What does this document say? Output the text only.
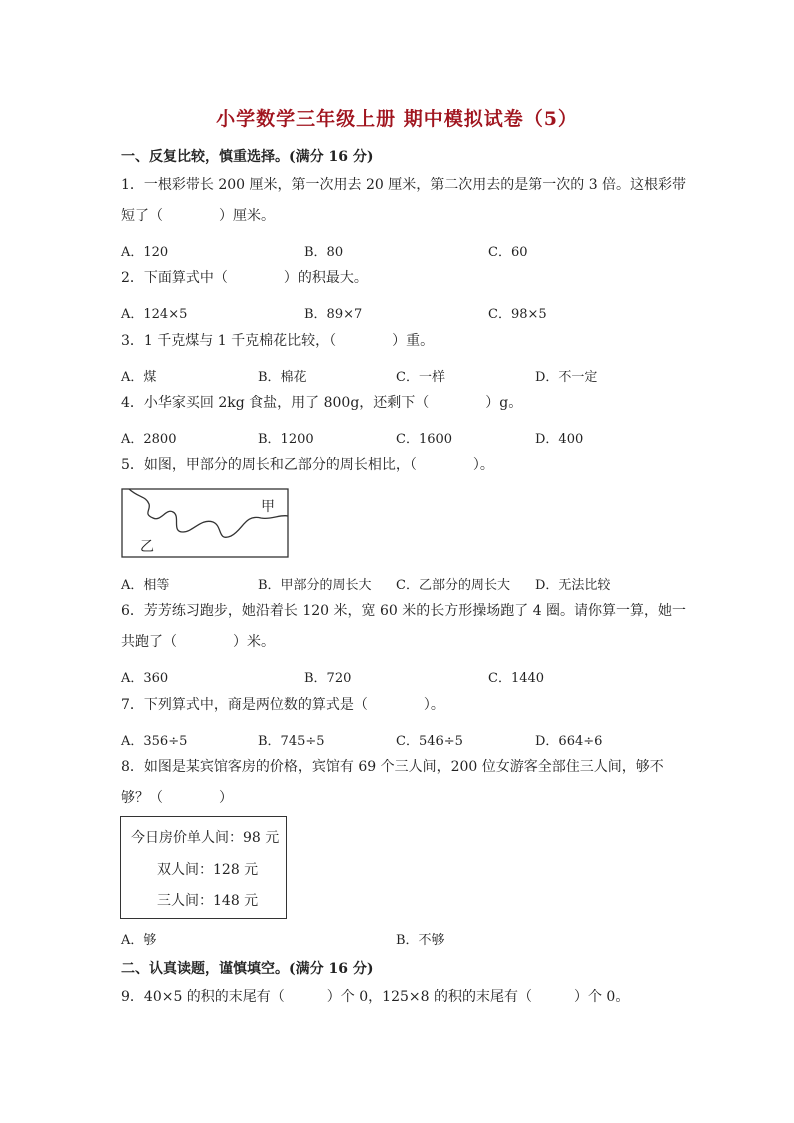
小学数学三年级上册 期中模拟试卷（5）
一、反复比较，慎重选择。(满分 16 分)
1．一根彩带长 200 厘米，第一次用去 20 厘米，第二次用去的是第一次的 3 倍。这根彩带
短了（　　　　）厘米。
A．120	B．80	C．60
2．下面算式中（　　　　）的积最大。
A．124×5	B．89×7	C．98×5
3．1 千克煤与 1 千克棉花比较，（　　　　）重。
A．煤	B．棉花	C．一样	D．不一定
4．小华家买回 2kg 食盐，用了 800g，还剩下（　　　　）g。
A．2800	B．1200	C．1600	D．400
5．如图，甲部分的周长和乙部分的周长相比，（　　　　）。
甲
乙
A．相等	B．甲部分的周长大 C．乙部分的周长大 D．无法比较
6．芳芳练习跑步，她沿着长 120 米，宽 60 米的长方形操场跑了 4 圈。请你算一算，她一
共跑了（　　　　）米。
A．360	B．720	C．1440
7．下列算式中，商是两位数的算式是（　　　　）。
A．356÷5	B．745÷5	C．546÷5	D．664÷6
8．如图是某宾馆客房的价格，宾馆有 69 个三人间，200 位女游客全部住三人间，够不
够？（　　　　）
今日房价单人间：98 元
双人间：128 元
三人间：148 元
A．够	B．不够
二、认真读题，谨慎填空。(满分 16 分)
9．40×5 的积的末尾有（　　　）个 0，125×8 的积的末尾有（　　　）个 0。
